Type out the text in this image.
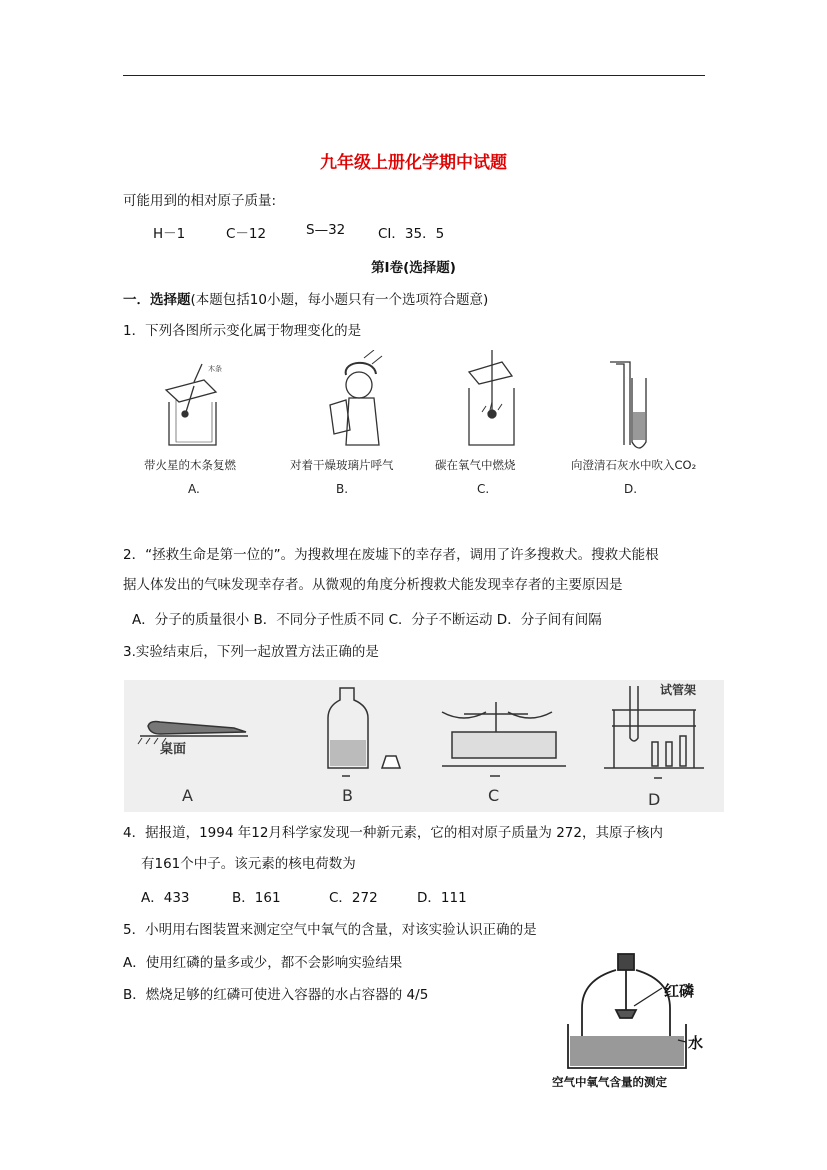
九年级上册化学期中试题
可能用到的相对原子质量:
H－1	C－12	S—32 CI．35．5
第Ⅰ卷(选择题)
一．选择题(本题包括10小题，每小题只有一个选项符合题意)
1．下列各图所示变化属于物理变化的是
带火星的木条复燃	对着干燥玻璃片呼气	碳在氧气中燃烧	向澄清石灰水中吹入CO₂
A.	B.	C.	D.
木条
2．“拯救生命是第一位的”。为搜救埋在废墟下的幸存者，调用了许多搜救犬。搜救犬能根
据人体发出的气味发现幸存者。从微观的角度分析搜救犬能发现幸存者的主要原因是
A．分子的质量很小 B．不同分子性质不同 C．分子不断运动 D．分子间有间隔
3.实验结束后，下列一起放置方法正确的是
桌面
试管架
A	B	C	D
4．据报道，1994 年12月科学家发现一种新元素，它的相对原子质量为 272，其原子核内
有161个中子。该元素的核电荷数为
A．433	B．161	C．272	D．111
5．小明用右图装置来测定空气中氧气的含量，对该实验认识正确的是
A．使用红磷的量多或少，都不会影响实验结果
B．燃烧足够的红磷可使进入容器的水占容器的 4/5	红磷
水
空气中氧气含量的测定
